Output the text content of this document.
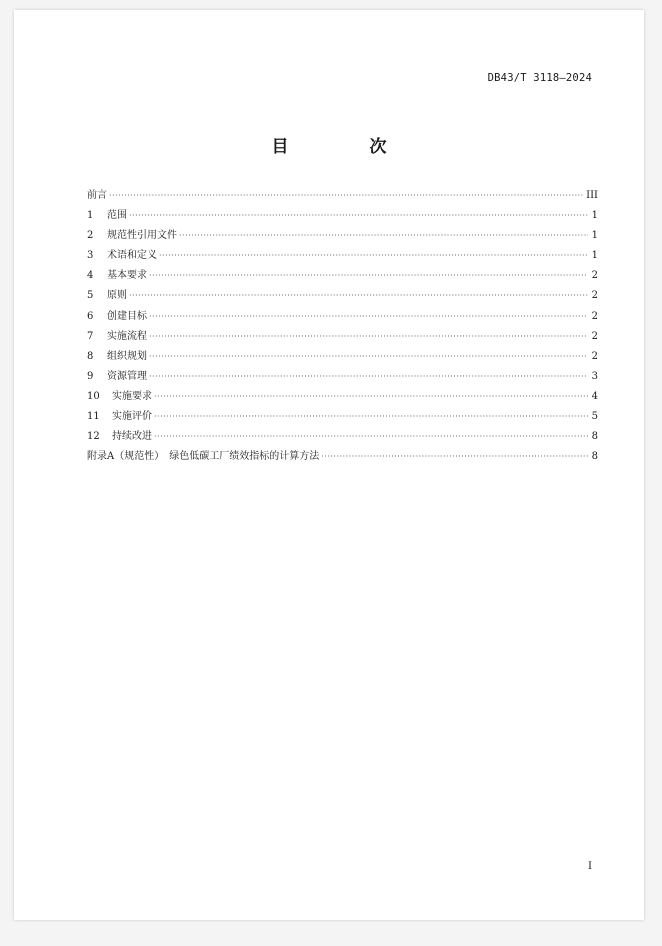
DB43/T 3118—2024
目　次
前言 ·····	III
1	范围 ·····	1
2	规范性引用文件 ·····	1
3	术语和定义 ·····	1
4	基本要求 ·····	2
5	原则 ·····	2
6	创建目标 ·····	2
7	实施流程 ·····	2
8	组织规划 ·····	2
9	资源管理 ·····	3
10	实施要求 ·····	4
11	实施评价 ·····	5
12	持续改进 ·····	8
附录A（规范性）　绿色低碳工厂绩效指标的计算方法 ·····	8
I
